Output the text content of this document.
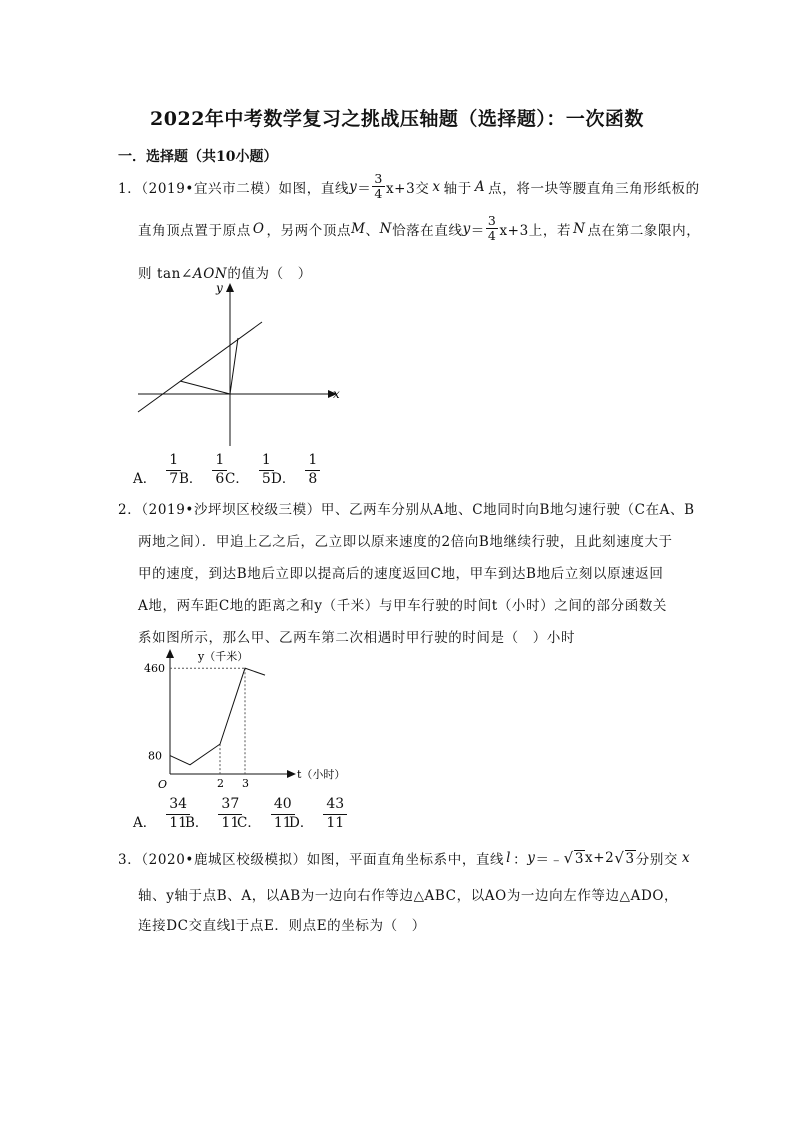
2022年中考数学复习之挑战压轴题（选择题）：一次函数
一．选择题（共10小题）
1．（2019•宜兴市二模）如图，直线 $y = \frac{3}{4} x+3$交 x 轴于 A 点，将一块等腰直角三角形纸板的
直角顶点置于原点 O ，另两个顶点 M 、 N 恰落在直线 $y = \frac{3}{4} x+3$上，若 N 点在第二象限内，
则 tan∠AON的值为（　）
y
x
A． $\frac{1}{7}$
B． $\frac{1}{6}$
C． $\frac{1}{5}$
D． $\frac{1}{8}$
2．（2019•沙坪坝区校级三模）甲、乙两车分别从A地、C地同时向B地匀速行驶（C在A、B
两地之间）．甲追上乙之后，乙立即以原来速度的2倍向B地继续行驶，且此刻速度大于
甲的速度，到达B地后立即以提高后的速度返回C地，甲车到达B地后立刻以原速返回
A地，两车距C地的距离之和y（千米）与甲车行驶的时间t（小时）之间的部分函数关
系如图所示，那么甲、乙两车第二次相遇时甲行驶的时间是（　）小时
y（千米）
t（小时）
O
460
80
2 3
A． $\frac{34}{11}$
B． $\frac{37}{11}$
C． $\frac{40}{11}$
D． $\frac{43}{11}$
3．（2020•鹿城区校级模拟）如图，平面直角坐标系中，直线 l ： y ＝﹣ √ 3 x+2 √ 3 分别交 x
轴、y轴于点B、A，以AB为一边向右作等边△ABC，以AO为一边向左作等边△ADO，
连接DC交直线l于点E．则点E的坐标为（　）
